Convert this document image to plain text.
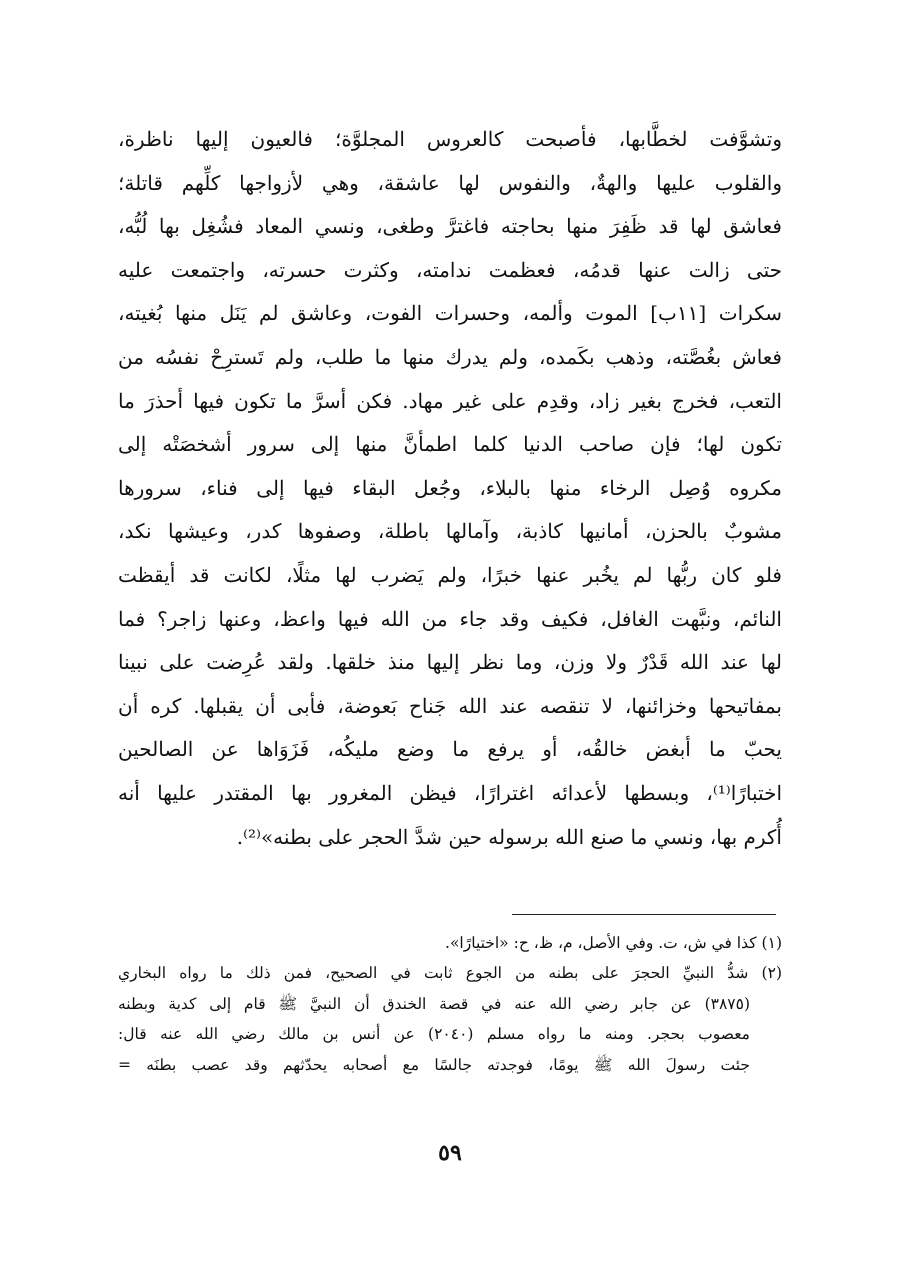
وتشوَّفت لخطَّابها، فأصبحت كالعروس المجلوَّة؛ فالعيون إليها ناظرة،
والقلوب عليها والهةٌ، والنفوس لها عاشقة، وهي لأزواجها كلِّهم قاتلة؛
فعاشق لها قد ظَفِرَ منها بحاجته فاغترَّ وطغى، ونسي المعاد فشُغِل بها لُبُّه،
حتى زالت عنها قدمُه، فعظمت ندامته، وكثرت حسرته، واجتمعت عليه
سكرات [١١ب] الموت وألمه، وحسرات الفوت، وعاشق لم يَنَل منها بُغيته،
فعاش بغُصَّته، وذهب بكَمده، ولم يدرك منها ما طلب، ولم تَسترِحْ نفسُه من
التعب، فخرج بغير زاد، وقدِم على غير مهاد. فكن أسرَّ ما تكون فيها أحذرَ ما
تكون لها؛ فإن صاحب الدنيا كلما اطمأنَّ منها إلى سرور أشخصَتْه إلى
مكروه وُصِل الرخاء منها بالبلاء، وجُعل البقاء فيها إلى فناء، سرورها
مشوبٌ بالحزن، أمانيها كاذبة، وآمالها باطلة، وصفوها كدر، وعيشها نكد،
فلو كان ربُّها لم يخُبر عنها خبرًا، ولم يَضرب لها مثلًا، لكانت قد أيقظت
النائم، ونبَّهت الغافل، فكيف وقد جاء من الله فيها واعظ، وعنها زاجر؟ فما
لها عند الله قَدْرٌ ولا وزن، وما نظر إليها منذ خلقها. ولقد عُرِضت على نبينا
بمفاتيحها وخزائنها، لا تنقصه عند الله جَناح بَعوضة، فأبى أن يقبلها. كره أن
يحبّ ما أبغض خالقُه، أو يرفع ما وضع مليكُه، فَزَوَاها عن الصالحين
اختبارًا⁽¹⁾، وبسطها لأعدائه اغترارًا، فيظن المغرور بها المقتدر عليها أنه
أُكرم بها، ونسي ما صنع الله برسوله حين شدَّ الحجر على بطنه»⁽²⁾.
(١) كذا في ش، ت. وفي الأصل، م، ظ، ح: «اختيارًا».
(٢) شدُّ النبيِّ الحجرَ على بطنه من الجوع ثابت في الصحيح، فمن ذلك ما رواه البخاري
(٣٨٧٥) عن جابر رضي الله عنه في قصة الخندق أن النبيَّ ﷺ قام إلى كدية وبطنه
معصوب بحجر. ومنه ما رواه مسلم (٢٠٤٠) عن أنس بن مالك رضي الله عنه قال:
جئت رسولَ الله ﷺ يومًا، فوجدته جالسًا مع أصحابه يحدّثهم وقد عصب بطنَه =
٥٩
